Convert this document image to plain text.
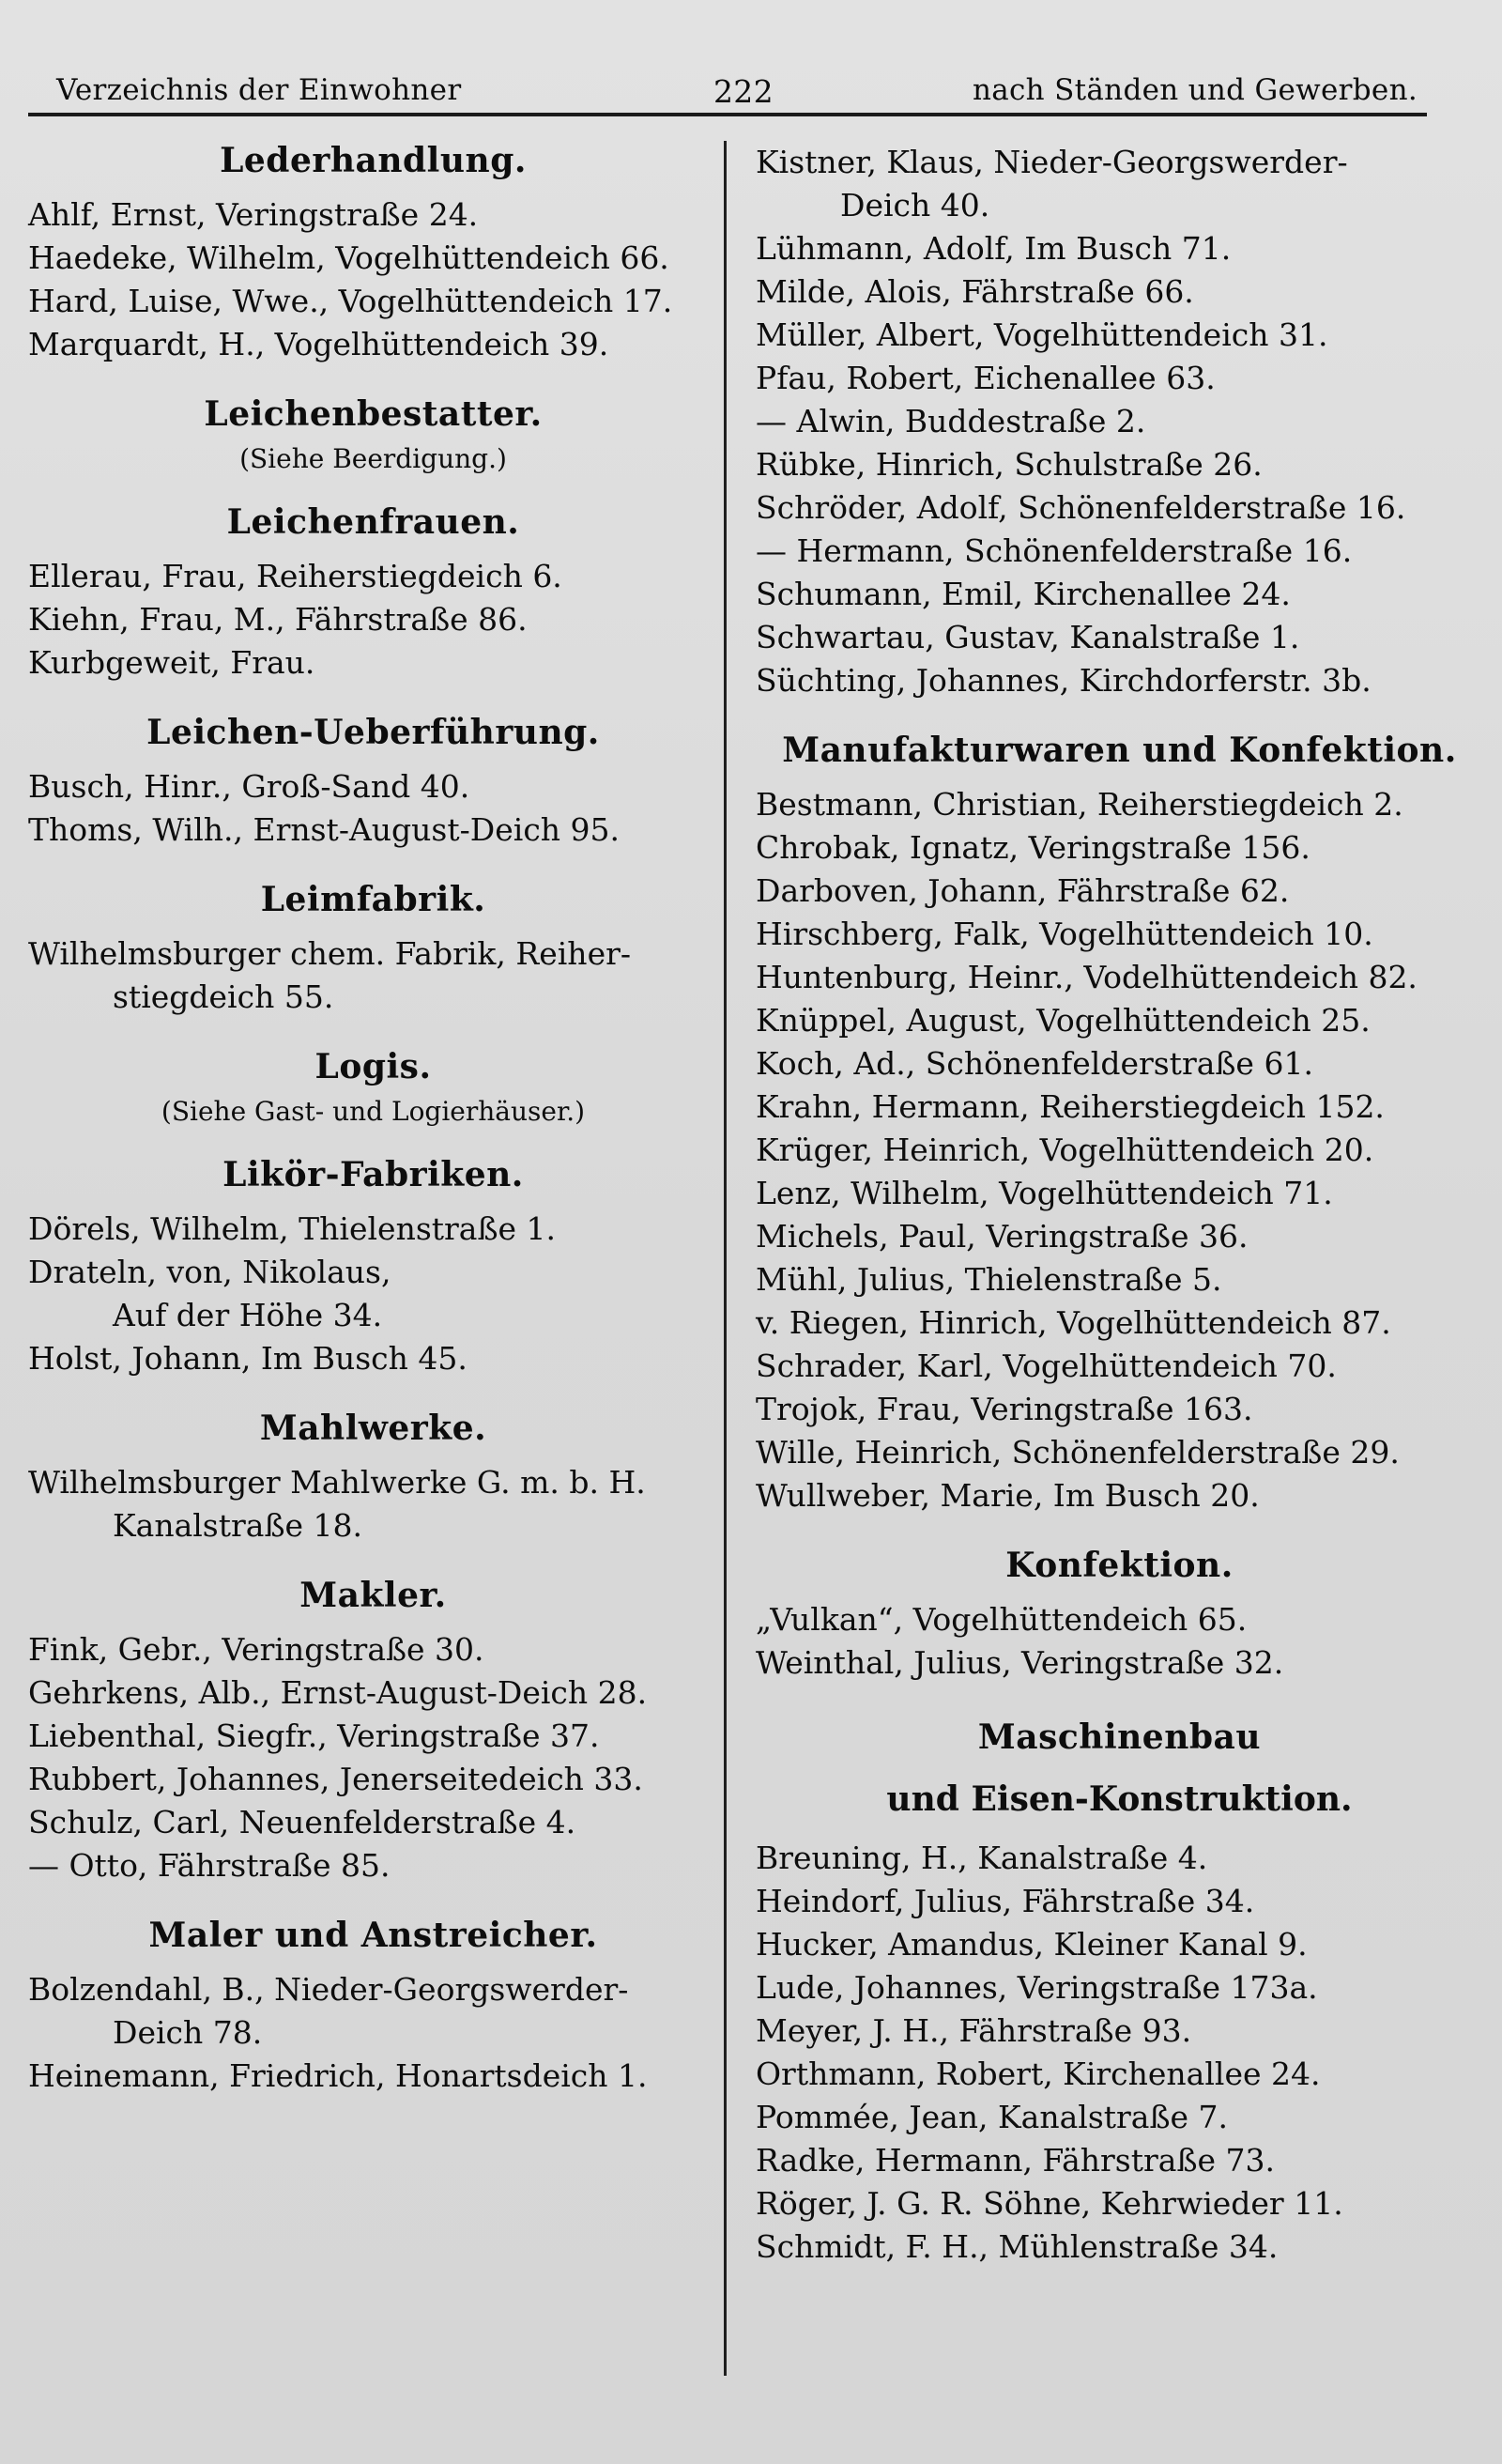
Verzeichnis der Einwohner	222	nach Ständen und Gewerben.
Lederhandlung.
Ahlf, Ernst, Veringstraße 24.
Haedeke, Wilhelm, Vogelhüttendeich 66.
Hard, Luise, Wwe., Vogelhüttendeich 17.
Marquardt, H., Vogelhüttendeich 39.
Leichenbestatter.
(Siehe Beerdigung.)
Leichenfrauen.
Ellerau, Frau, Reiherstiegdeich 6.
Kiehn, Frau, M., Fährstraße 86.
Kurbgeweit, Frau.
Leichen-Ueberführung.
Busch, Hinr., Groß-Sand 40.
Thoms, Wilh., Ernst-August-Deich 95.
Leimfabrik.
Wilhelmsburger chem. Fabrik, Reiher-
stiegdeich 55.
Logis.
(Siehe Gast- und Logierhäuser.)
Likör-Fabriken.
Dörels, Wilhelm, Thielenstraße 1.
Drateln, von, Nikolaus,
Auf der Höhe 34.
Holst, Johann, Im Busch 45.
Mahlwerke.
Wilhelmsburger Mahlwerke G. m. b. H.
Kanalstraße 18.
Makler.
Fink, Gebr., Veringstraße 30.
Gehrkens, Alb., Ernst-August-Deich 28.
Liebenthal, Siegfr., Veringstraße 37.
Rubbert, Johannes, Jenerseitedeich 33.
Schulz, Carl, Neuenfelderstraße 4.
— Otto, Fährstraße 85.
Maler und Anstreicher.
Bolzendahl, B., Nieder-Georgswerder-
Deich 78.
Heinemann, Friedrich, Honartsdeich 1.
Kistner, Klaus, Nieder-Georgswerder-
Deich 40.
Lühmann, Adolf, Im Busch 71.
Milde, Alois, Fährstraße 66.
Müller, Albert, Vogelhüttendeich 31.
Pfau, Robert, Eichenallee 63.
— Alwin, Buddestraße 2.
Rübke, Hinrich, Schulstraße 26.
Schröder, Adolf, Schönenfelderstraße 16.
— Hermann, Schönenfelderstraße 16.
Schumann, Emil, Kirchenallee 24.
Schwartau, Gustav, Kanalstraße 1.
Süchting, Johannes, Kirchdorferstr. 3b.
Manufakturwaren und Konfektion.
Bestmann, Christian, Reiherstiegdeich 2.
Chrobak, Ignatz, Veringstraße 156.
Darboven, Johann, Fährstraße 62.
Hirschberg, Falk, Vogelhüttendeich 10.
Huntenburg, Heinr., Vodelhüttendeich 82.
Knüppel, August, Vogelhüttendeich 25.
Koch, Ad., Schönenfelderstraße 61.
Krahn, Hermann, Reiherstiegdeich 152.
Krüger, Heinrich, Vogelhüttendeich 20.
Lenz, Wilhelm, Vogelhüttendeich 71.
Michels, Paul, Veringstraße 36.
Mühl, Julius, Thielenstraße 5.
v. Riegen, Hinrich, Vogelhüttendeich 87.
Schrader, Karl, Vogelhüttendeich 70.
Trojok, Frau, Veringstraße 163.
Wille, Heinrich, Schönenfelderstraße 29.
Wullweber, Marie, Im Busch 20.
Konfektion.
„Vulkan“, Vogelhüttendeich 65.
Weinthal, Julius, Veringstraße 32.
Maschinenbau
und Eisen-Konstruktion.
Breuning, H., Kanalstraße 4.
Heindorf, Julius, Fährstraße 34.
Hucker, Amandus, Kleiner Kanal 9.
Lude, Johannes, Veringstraße 173a.
Meyer, J. H., Fährstraße 93.
Orthmann, Robert, Kirchenallee 24.
Pommée, Jean, Kanalstraße 7.
Radke, Hermann, Fährstraße 73.
Röger, J. G. R. Söhne, Kehrwieder 11.
Schmidt, F. H., Mühlenstraße 34.
